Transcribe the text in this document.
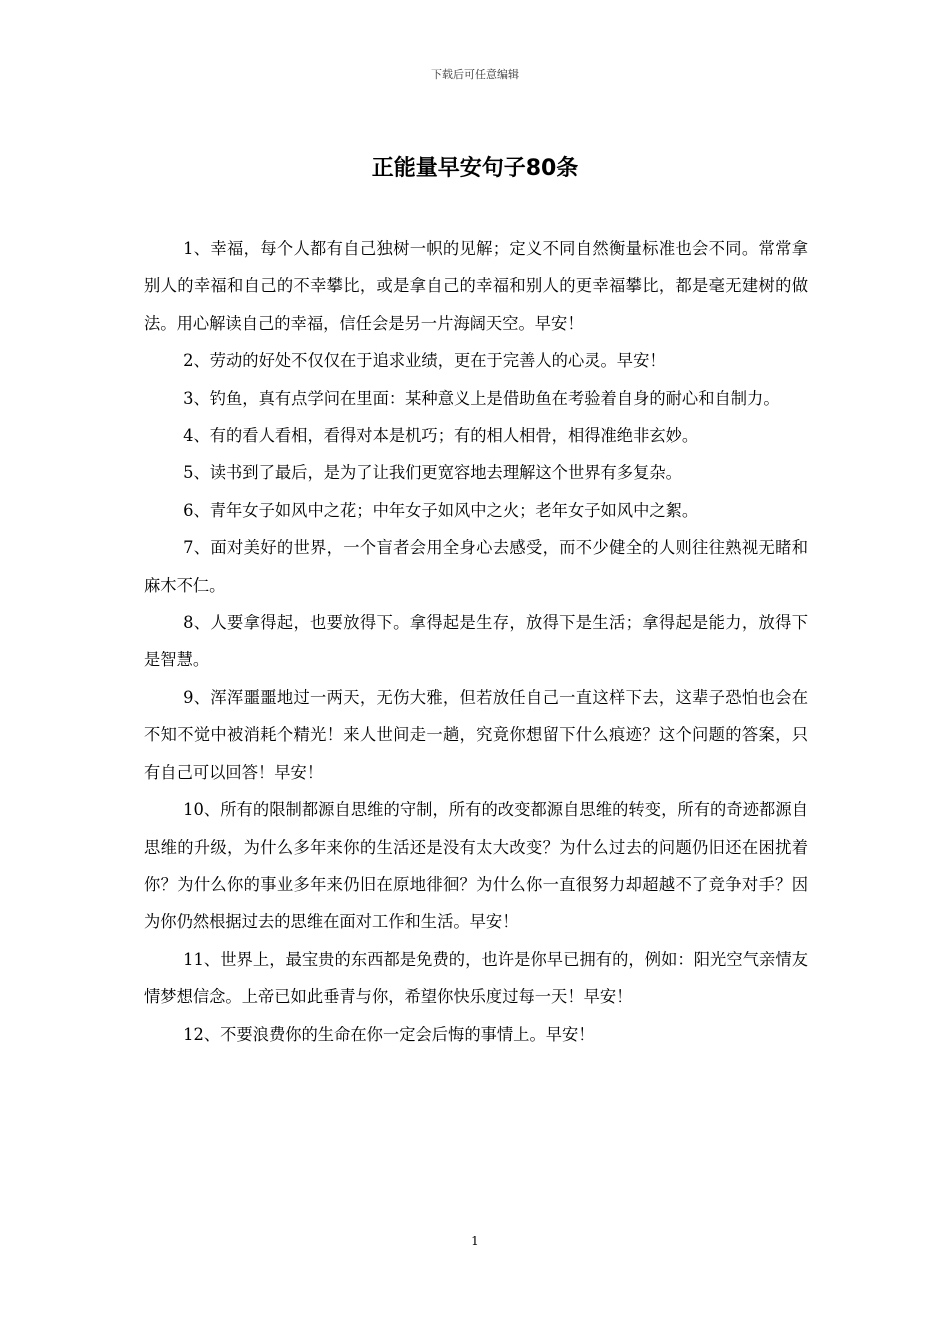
下载后可任意编辑
正能量早安句子80条

1、幸福，每个人都有自己独树一帜的见解；定义不同自然衡量标准也会不同。常常拿别人的幸福和自己的不幸攀比，或是拿自己的幸福和别人的更幸福攀比，都是毫无建树的做法。用心解读自己的幸福，信任会是另一片海阔天空。早安！

2、劳动的好处不仅仅在于追求业绩，更在于完善人的心灵。早安！

3、钓鱼，真有点学问在里面：某种意义上是借助鱼在考验着自身的耐心和自制力。

4、有的看人看相，看得对本是机巧；有的相人相骨，相得准绝非玄妙。

5、读书到了最后，是为了让我们更宽容地去理解这个世界有多复杂。

6、青年女子如风中之花；中年女子如风中之火；老年女子如风中之絮。

7、面对美好的世界，一个盲者会用全身心去感受，而不少健全的人则往往熟视无睹和麻木不仁。

8、人要拿得起，也要放得下。拿得起是生存，放得下是生活；拿得起是能力，放得下是智慧。

9、浑浑噩噩地过一两天，无伤大雅，但若放任自己一直这样下去，这辈子恐怕也会在不知不觉中被消耗个精光！来人世间走一趟，究竟你想留下什么痕迹？这个问题的答案，只有自己可以回答！早安！

10、所有的限制都源自思维的守制，所有的改变都源自思维的转变，所有的奇迹都源自思维的升级，为什么多年来你的生活还是没有太大改变？为什么过去的问题仍旧还在困扰着你？为什么你的事业多年来仍旧在原地徘徊？为什么你一直很努力却超越不了竞争对手？因为你仍然根据过去的思维在面对工作和生活。早安！

11、世界上，最宝贵的东西都是免费的，也许是你早已拥有的，例如：阳光空气亲情友情梦想信念。上帝已如此垂青与你，希望你快乐度过每一天！早安！

12、不要浪费你的生命在你一定会后悔的事情上。早安！

1
